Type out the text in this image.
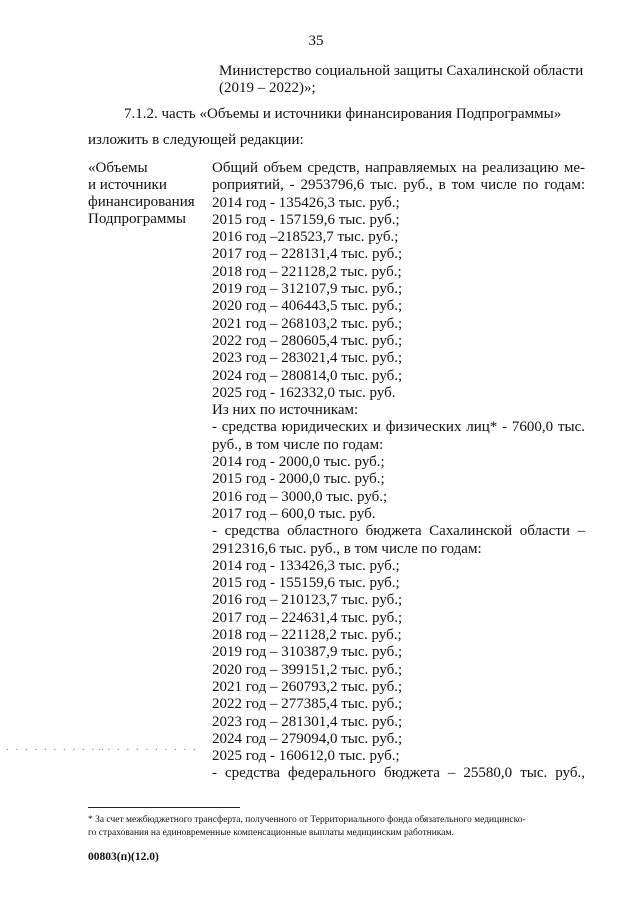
35
Министерство социальной защиты Сахалинской области
(2019 – 2022)»;
7.1.2. часть «Объемы и источники финансирования Подпрограммы»
изложить в следующей редакции:
«Объемы
и источники
финансирования
Подпрограммы
Общий объем средств, направляемых на реализацию ме-
роприятий, - 2953796,6 тыс. руб., в том числе по годам:
2014 год - 135426,3 тыс. руб.;
2015 год - 157159,6 тыс. руб.;
2016 год –218523,7 тыс. руб.;
2017 год – 228131,4 тыс. руб.;
2018 год – 221128,2 тыс. руб.;
2019 год – 312107,9 тыс. руб.;
2020 год – 406443,5 тыс. руб.;
2021 год – 268103,2 тыс. руб.;
2022 год – 280605,4 тыс. руб.;
2023 год – 283021,4 тыс. руб.;
2024 год – 280814,0 тыс. руб.;
2025 год - 162332,0 тыс. руб.
Из них по источникам:
- средства юридических и физических лиц* - 7600,0 тыс.
руб., в том числе по годам:
2014 год - 2000,0 тыс. руб.;
2015 год - 2000,0 тыс. руб.;
2016 год – 3000,0 тыс. руб.;
2017 год – 600,0 тыс. руб.
- средства областного бюджета Сахалинской области –
2912316,6 тыс. руб., в том числе по годам:
2014 год - 133426,3 тыс. руб.;
2015 год - 155159,6 тыс. руб.;
2016 год – 210123,7 тыс. руб.;
2017 год – 224631,4 тыс. руб.;
2018 год – 221128,2 тыс. руб.;
2019 год – 310387,9 тыс. руб.;
2020 год – 399151,2 тыс. руб.;
2021 год – 260793,2 тыс. руб.;
2022 год – 277385,4 тыс. руб.;
2023 год – 281301,4 тыс. руб.;
2024 год – 279094,0 тыс. руб.;
2025 год - 160612,0 тыс. руб.;
- средства федерального бюджета – 25580,0 тыс. руб.,
. . . . . . . . . . .
. . . . . . . . . . .
* За счет межбюджетного трансферта, полученного от Территориального фонда обязательного медицинско-
го страхования на единовременные компенсационные выплаты медицинским работникам.
00803(п)(12.0)
